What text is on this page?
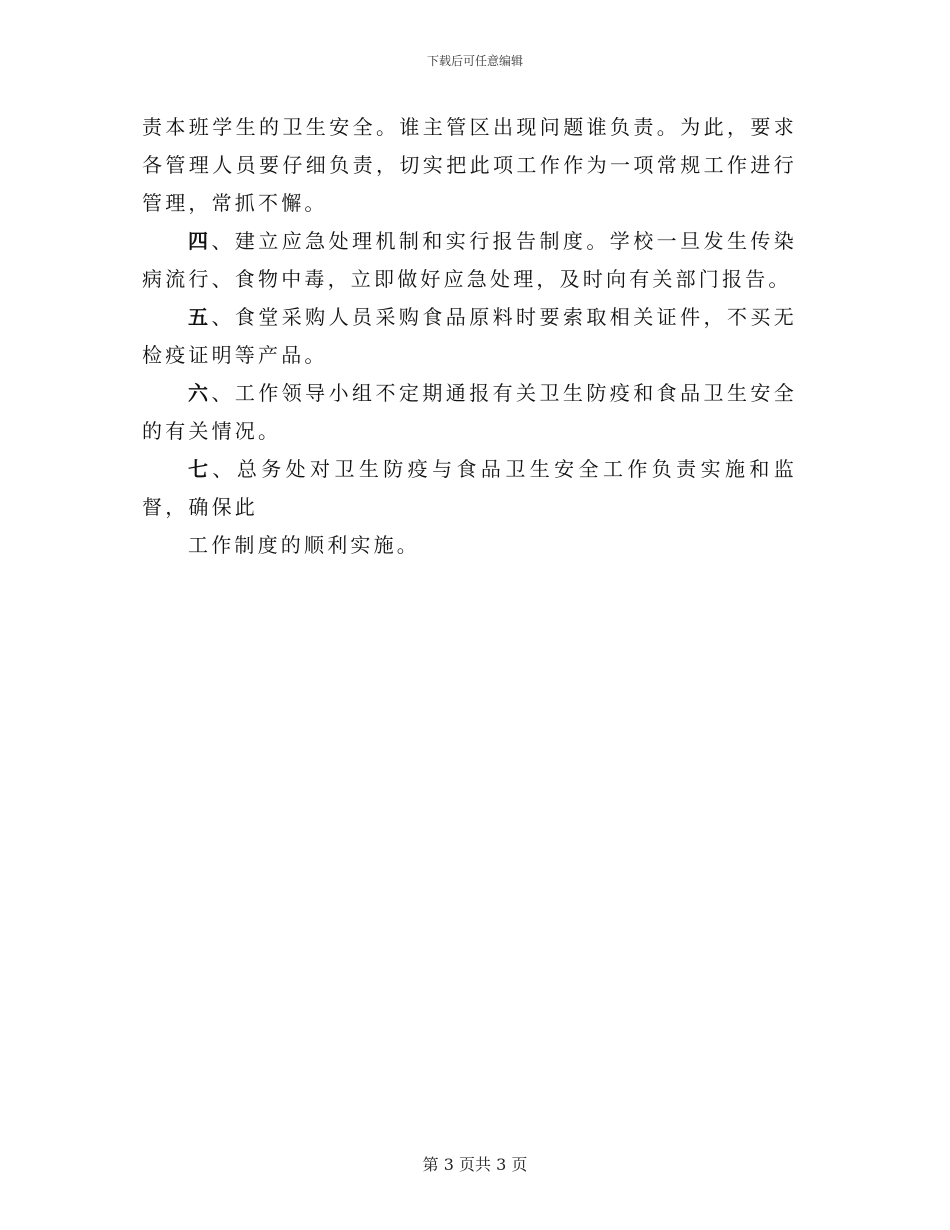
下载后可任意编辑

责本班学生的卫生安全。谁主管区出现问题谁负责。为此，要求各管理人员要仔细负责，切实把此项工作作为一项常规工作进行管理，常抓不懈。

四、建立应急处理机制和实行报告制度。学校一旦发生传染病流行、食物中毒，立即做好应急处理，及时向有关部门报告。

五、食堂采购人员采购食品原料时要索取相关证件，不买无检疫证明等产品。

六、工作领导小组不定期通报有关卫生防疫和食品卫生安全的有关情况。

七、总务处对卫生防疫与食品卫生安全工作负责实施和监督，确保此

工作制度的顺利实施。

第 3 页共 3 页
